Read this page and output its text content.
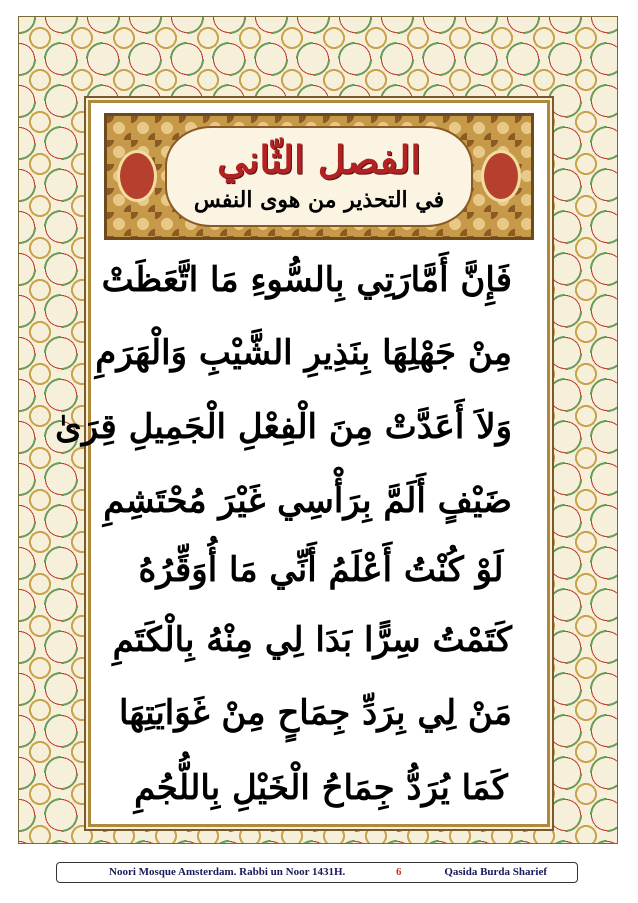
الفصل الثّاني
في التحذير من هوى النفس
فَإِنَّ أَمَّارَتِي بِالسُّوءِ مَا اتَّعَظَتْ
مِنْ جَهْلِهَا بِنَذِيرِ الشَّيْبِ وَالْهَرَمِ
وَلاَ أَعَدَّتْ مِنَ الْفِعْلِ الْجَمِيلِ قِرَىٰ
ضَيْفٍ أَلَمَّ بِرَأْسِي غَيْرَ مُحْتَشِمِ
لَوْ كُنْتُ أَعْلَمُ أَنِّي مَا أُوَقِّرُهُ
كَتَمْتُ سِرًّا بَدَا لِي مِنْهُ بِالْكَتَمِ
مَنْ لِي بِرَدِّ جِمَاحٍ مِنْ غَوَايَتِهَا
كَمَا يُرَدُّ جِمَاحُ الْخَيْلِ بِاللُّجُمِ
Noori Mosque Amsterdam. Rabbi un Noor 1431H.	6	Qasida Burda Sharief
